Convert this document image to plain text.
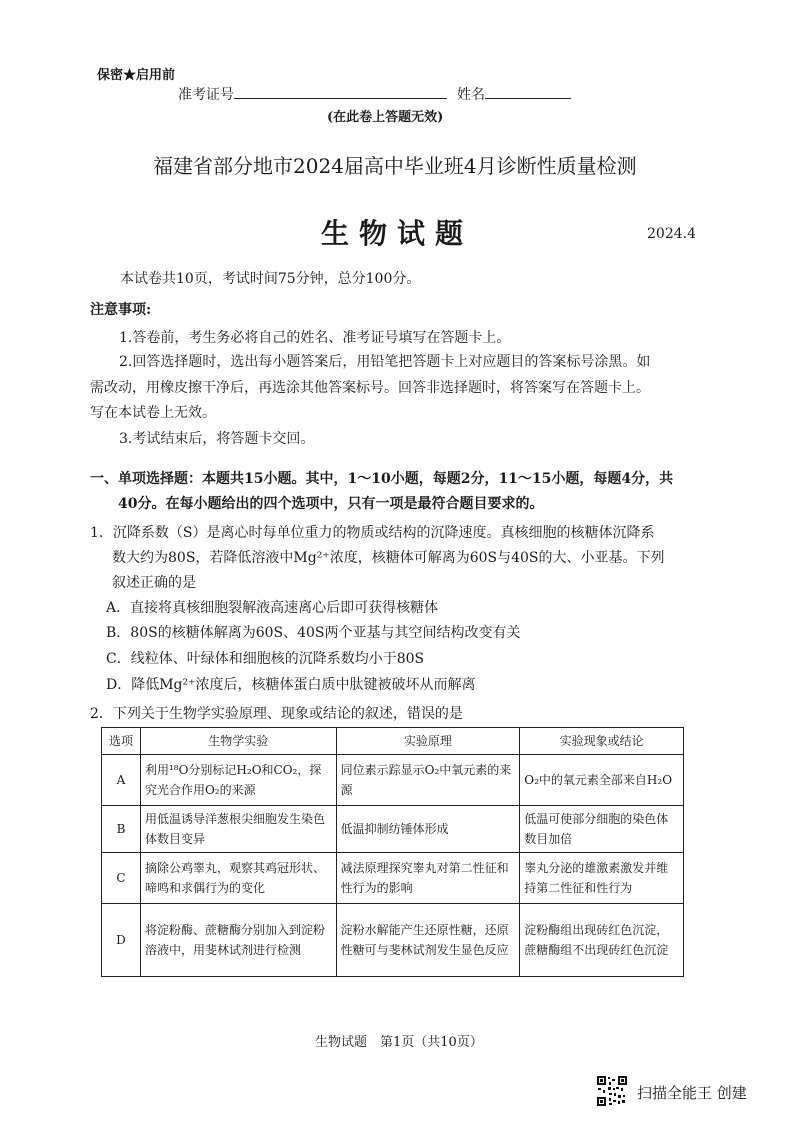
保密★启用前
准考证号	姓名
(在此卷上答题无效)
福建省部分地市2024届高中毕业班4月诊断性质量检测
生物试题	2024.4
本试卷共10页，考试时间75分钟，总分100分。
注意事项:
1.答卷前，考生务必将自己的姓名、准考证号填写在答题卡上。
2.回答选择题时，选出每小题答案后，用铅笔把答题卡上对应题目的答案标号涂黑。如
需改动，用橡皮擦干净后，再选涂其他答案标号。回答非选择题时，将答案写在答题卡上。
写在本试卷上无效。
3.考试结束后，将答题卡交回。
一、单项选择题：本题共15小题。其中，1～10小题，每题2分，11～15小题，每题4分，共
40分。在每小题给出的四个选项中，只有一项是最符合题目要求的。
1．沉降系数（S）是离心时每单位重力的物质或结构的沉降速度。真核细胞的核糖体沉降系
数大约为80S，若降低溶液中Mg²⁺浓度，核糖体可解离为60S与40S的大、小亚基。下列
叙述正确的是
A．直接将真核细胞裂解液高速离心后即可获得核糖体
B．80S的核糖体解离为60S、40S两个亚基与其空间结构改变有关
C．线粒体、叶绿体和细胞核的沉降系数均小于80S
D．降低Mg²⁺浓度后，核糖体蛋白质中肽键被破坏从而解离
2．下列关于生物学实验原理、现象或结论的叙述，错误的是
选项	生物学实验	实验原理	实验现象或结论
A	利用¹⁸O分别标记H₂O和CO₂，探究光合作用O₂的来源	同位素示踪显示O₂中氧元素的来源	O₂中的氧元素全部来自H₂O
B	用低温诱导洋葱根尖细胞发生染色体数目变异	低温抑制纺锤体形成	低温可使部分细胞的染色体数目加倍
C	摘除公鸡睾丸，观察其鸡冠形状、啼鸣和求偶行为的变化	减法原理探究睾丸对第二性征和性行为的影响	睾丸分泌的雄激素激发并维持第二性征和性行为
D	将淀粉酶、蔗糖酶分别加入到淀粉溶液中，用斐林试剂进行检测	淀粉水解能产生还原性糖，还原性糖可与斐林试剂发生显色反应	淀粉酶组出现砖红色沉淀，蔗糖酶组不出现砖红色沉淀
生物试题　第1页（共10页）
扫描全能王 创建
